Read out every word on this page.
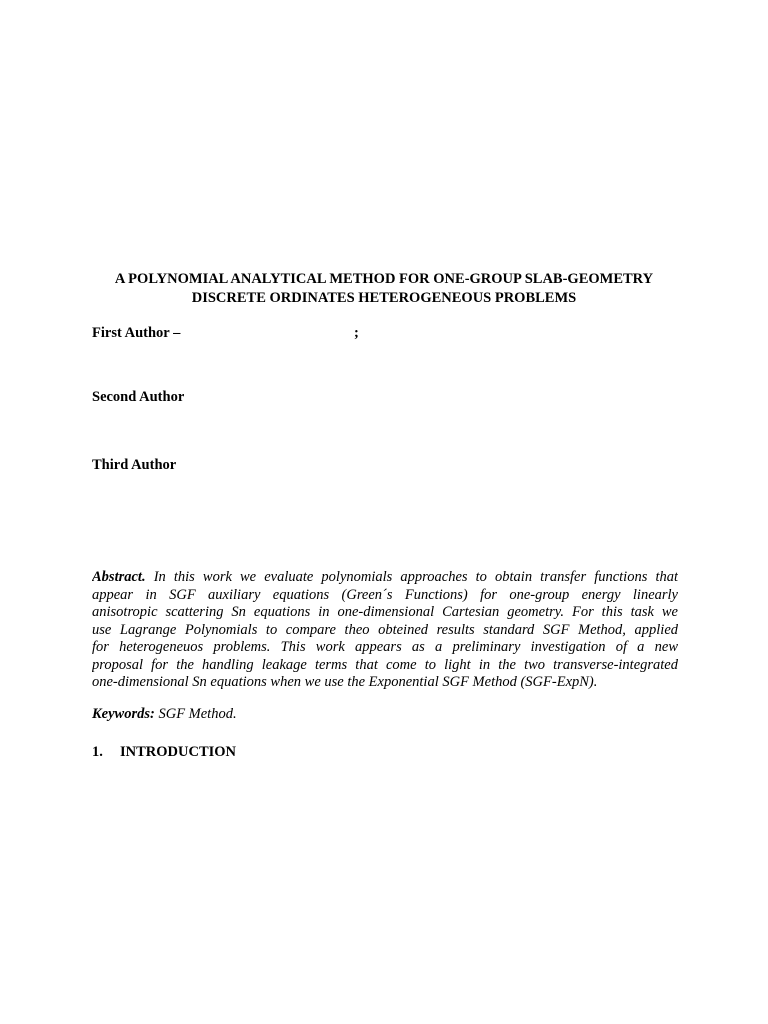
A POLYNOMIAL ANALYTICAL METHOD FOR ONE-GROUP SLAB-GEOMETRY
DISCRETE ORDINATES HETEROGENEOUS PROBLEMS
First Author –	;
Second Author
Third Author
Abstract. In this work we evaluate polynomials approaches to obtain transfer functions that
appear in SGF auxiliary equations (Green´s Functions) for one-group energy linearly
anisotropic scattering Sn equations in one-dimensional Cartesian geometry. For this task we
use Lagrange Polynomials to compare theo obteined results standard SGF Method, applied
for heterogeneuos problems. This work appears as a preliminary investigation of a new
proposal for the handling leakage terms that come to light in the two transverse-integrated
one-dimensional Sn equations when we use the Exponential SGF Method (SGF-ExpN).
Keywords: SGF Method.
1. INTRODUCTION
